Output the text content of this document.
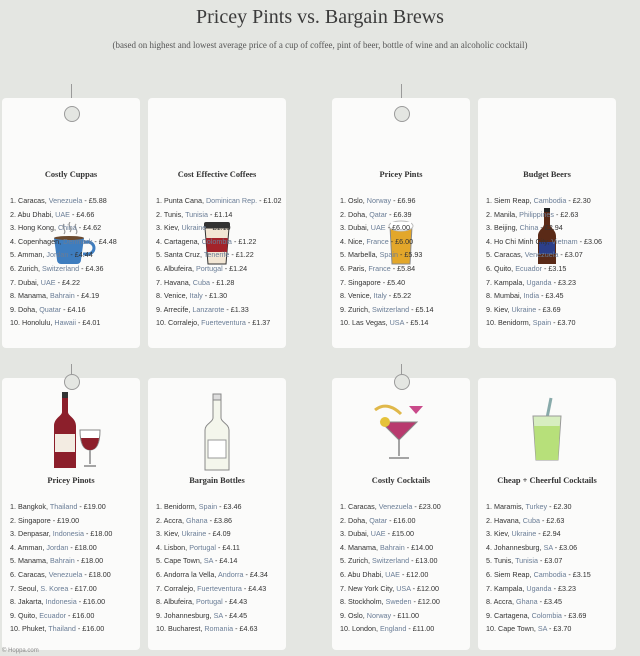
Pricey Pints vs. Bargain Brews
(based on highest and lowest average price of a cup of coffee, pint of beer, bottle of wine and an alcoholic cocktail)
Costly Cuppas
1. Caracas, Venezuela - £5.88
2. Abu Dhabi, UAE - £4.66
3. Hong Kong, China - £4.62
4. Copenhagen, Denmark - £4.48
5. Amman, Jordan - £4.44
6. Zurich, Switzerland - £4.36
7. Dubai, UAE - £4.22
8. Manama, Bahrain - £4.19
9. Doha, Quatar - £4.16
10. Honolulu, Hawaii - £4.01
Cost Effective Coffees
1. Punta Cana, Dominican Rep. - £1.02
2. Tunis, Tunisia - £1.14
3. Kiev, Ukraine - £1.19
4. Cartagena, Colombia - £1.22
5. Santa Cruz, Tenerife - £1.22
6. Albufeira, Portugal - £1.24
7. Havana, Cuba - £1.28
8. Venice, Italy - £1.30
9. Arrecife, Lanzarote - £1.33
10. Corralejo, Fuerteventura - £1.37
Pricey Pints
1. Oslo, Norway - £6.96
2. Doha, Qatar - £6.39
3. Dubai, UAE - £6.00
4. Nice, France - £6.00
5. Marbella, Spain - £5.93
6. Paris, France - £5.84
7. Singapore - £5.40
8. Venice, Italy - £5.22
9. Zurich, Switzerland - £5.14
10. Las Vegas, USA - £5.14
Budget Beers
1. Siem Reap, Cambodia - £2.30
2. Manila, Philippines - £2.63
3. Beijing, China - £2.94
4. Ho Chi Minh City, Vietnam - £3.06
5. Caracas, Venezuela - £3.07
6. Quito, Ecuador - £3.15
7. Kampala, Uganda - £3.23
8. Mumbai, India - £3.45
9. Kiev, Ukraine - £3.69
10. Benidorm, Spain - £3.70
Pricey Pinots
1. Bangkok, Thailand - £19.00
2. Singapore - £19.00
3. Denpasar, Indonesia - £18.00
4. Amman, Jordan - £18.00
5. Manama, Bahrain - £18.00
6. Caracas, Venezuela - £18.00
7. Seoul, S. Korea - £17.00
8. Jakarta, Indonesia - £16.00
9. Quito, Ecuador - £16.00
10. Phuket, Thailand - £16.00
Bargain Bottles
1. Benidorm, Spain - £3.46
2. Accra, Ghana - £3.86
3. Kiev, Ukraine - £4.09
4. Lisbon, Portugal - £4.11
5. Cape Town, SA - £4.14
6. Andorra la Vella, Andorra - £4.34
7. Corralejo, Fuerteventura - £4.43
8. Albufeira, Portugal - £4.43
9. Johannesburg, SA - £4.45
10. Bucharest, Romania - £4.63
Costly Cocktails
1. Caracas, Venezuela - £23.00
2. Doha, Qatar - £16.00
3. Dubai, UAE - £15.00
4. Manama, Bahrain - £14.00
5. Zurich, Switzerland - £13.00
6. Abu Dhabi, UAE - £12.00
7. New York City, USA - £12.00
8. Stockholm, Sweden - £12.00
9. Oslo, Norway - £11.00
10. London, England - £11.00
Cheap + Cheerful Cocktails
1. Maramis, Turkey - £2.30
2. Havana, Cuba - £2.63
3. Kiev, Ukraine - £2.94
4. Johannesburg, SA - £3.06
5. Tunis, Tunisia - £3.07
6. Siem Reap, Cambodia - £3.15
7. Kampala, Uganda - £3.23
8. Accra, Ghana - £3.45
9. Cartagena, Colombia - £3.69
10. Cape Town, SA - £3.70
© Hoppa.com
